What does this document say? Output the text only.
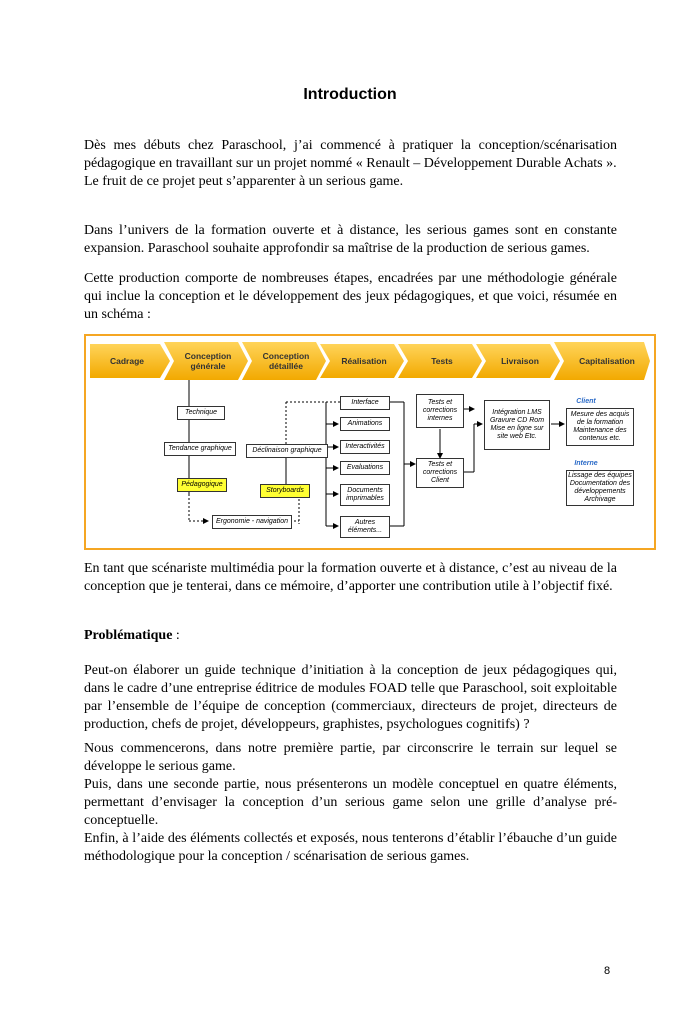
Introduction

Dès mes débuts chez Paraschool, j’ai commencé à pratiquer la conception/scénarisation pédagogique en travaillant sur un projet nommé « Renault – Développement Durable Achats ».

Le fruit de ce projet peut s’apparenter à un serious game.

Dans l’univers de la formation ouverte et à distance, les serious games sont en constante expansion. Paraschool souhaite approfondir sa maîtrise de la production de serious games.

Cette production comporte de nombreuses étapes, encadrées par une méthodologie générale qui inclue la conception et le développement des jeux pédagogiques, et que voici, résumée en un schéma :

Cadrage	Conception générale
Conception détaillée	Réalisation	Tests	Livraison	Capitalisation
Technique
Tendance graphique
Pédagogique
Déclinaison graphique
Storyboards
Ergonomie - navigation
Interface
Animations
Interactivités
Evaluations
Documents imprimables
Autres éléments...
Tests et corrections internes
Tests et corrections Client
Intégration LMS Gravure CD Rom Mise en ligne sur site web Etc.
Client
Mesure des acquis de la formation Maintenance des contenus etc.
Interne
Lissage des équipes Documentation des développements Archivage

En tant que scénariste multimédia pour la formation ouverte et à distance, c’est au niveau de la conception que je tenterai, dans ce mémoire, d’apporter une contribution utile à l’objectif fixé.

Problématique :

Peut-on élaborer un guide technique d’initiation à la conception de jeux pédagogiques qui, dans le cadre d’une entreprise éditrice de modules FOAD telle que Paraschool, soit exploitable par l’ensemble de l’équipe de conception (commerciaux, directeurs de projet, directeurs de production, chefs de projet, développeurs, graphistes, psychologues cognitifs) ?

Nous commencerons, dans notre première partie, par circonscrire le terrain sur lequel se développe le serious game.

Puis, dans une seconde partie, nous présenterons un modèle conceptuel en quatre éléments, permettant d’envisager la conception d’un serious game selon une grille d’analyse pré-conceptuelle.

Enfin, à l’aide des éléments collectés et exposés, nous tenterons d’établir l’ébauche d’un guide méthodologique pour la conception / scénarisation de serious games.

8
